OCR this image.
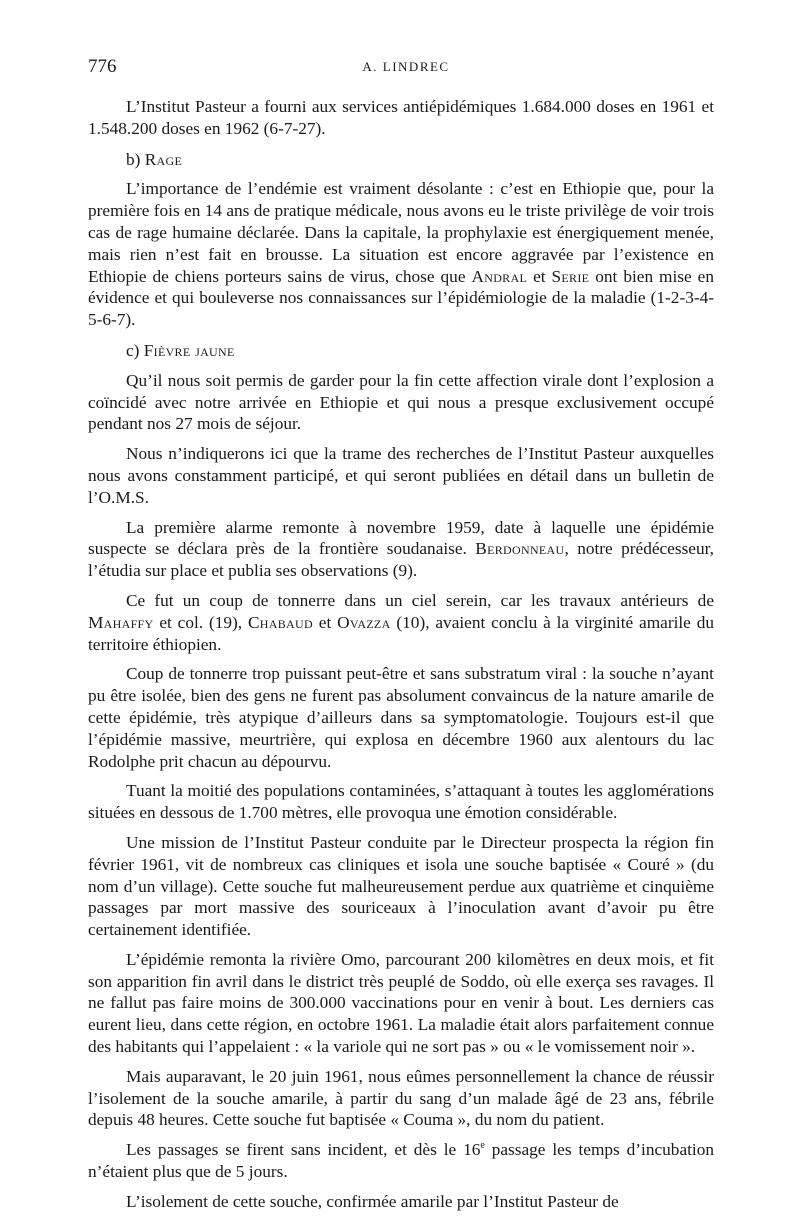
776	A. LINDREC

L’Institut Pasteur a fourni aux services antiépidémiques 1.684.000 doses en 1961 et 1.548.200 doses en 1962 (6-7-27).

b) Rage

L’importance de l’endémie est vraiment désolante : c’est en Ethiopie que, pour la première fois en 14 ans de pratique médicale, nous avons eu le triste privilège de voir trois cas de rage humaine déclarée. Dans la capitale, la prophylaxie est énergiquement menée, mais rien n’est fait en brousse. La situation est encore aggravée par l’existence en Ethiopie de chiens porteurs sains de virus, chose que Andral et Serie ont bien mise en évidence et qui bouleverse nos connaissances sur l’épidémiologie de la maladie (1-2-3-4-5-6-7).

c) Fièvre jaune

Qu’il nous soit permis de garder pour la fin cette affection virale dont l’explosion a coïncidé avec notre arrivée en Ethiopie et qui nous a presque exclusivement occupé pendant nos 27 mois de séjour.

Nous n’indiquerons ici que la trame des recherches de l’Institut Pasteur auxquelles nous avons constamment participé, et qui seront publiées en détail dans un bulletin de l’O.M.S.

La première alarme remonte à novembre 1959, date à laquelle une épidémie suspecte se déclara près de la frontière soudanaise. Berdonneau, notre prédécesseur, l’étudia sur place et publia ses observations (9).

Ce fut un coup de tonnerre dans un ciel serein, car les travaux antérieurs de Mahaffy et col. (19), Chabaud et Ovazza (10), avaient conclu à la virginité amarile du territoire éthiopien.

Coup de tonnerre trop puissant peut-être et sans substratum viral : la souche n’ayant pu être isolée, bien des gens ne furent pas absolument convaincus de la nature amarile de cette épidémie, très atypique d’ailleurs dans sa symptomatologie. Toujours est-il que l’épidémie massive, meurtrière, qui explosa en décembre 1960 aux alentours du lac Rodolphe prit chacun au dépourvu.

Tuant la moitié des populations contaminées, s’attaquant à toutes les agglomérations situées en dessous de 1.700 mètres, elle provoqua une émotion considérable.

Une mission de l’Institut Pasteur conduite par le Directeur prospecta la région fin février 1961, vit de nombreux cas cliniques et isola une souche baptisée « Couré » (du nom d’un village). Cette souche fut malheureusement perdue aux quatrième et cinquième passages par mort massive des souriceaux à l’inoculation avant d’avoir pu être certainement identifiée.

L’épidémie remonta la rivière Omo, parcourant 200 kilomètres en deux mois, et fit son apparition fin avril dans le district très peuplé de Soddo, où elle exerça ses ravages. Il ne fallut pas faire moins de 300.000 vaccinations pour en venir à bout. Les derniers cas eurent lieu, dans cette région, en octobre 1961. La maladie était alors parfaitement connue des habitants qui l’appelaient : « la variole qui ne sort pas » ou « le vomissement noir ».

Mais auparavant, le 20 juin 1961, nous eûmes personnellement la chance de réussir l’isolement de la souche amarile, à partir du sang d’un malade âgé de 23 ans, fébrile depuis 48 heures. Cette souche fut baptisée « Couma », du nom du patient.

Les passages se firent sans incident, et dès le 16e passage les temps d’incubation n’étaient plus que de 5 jours.

L’isolement de cette souche, confirmée amarile par l’Institut Pasteur de
